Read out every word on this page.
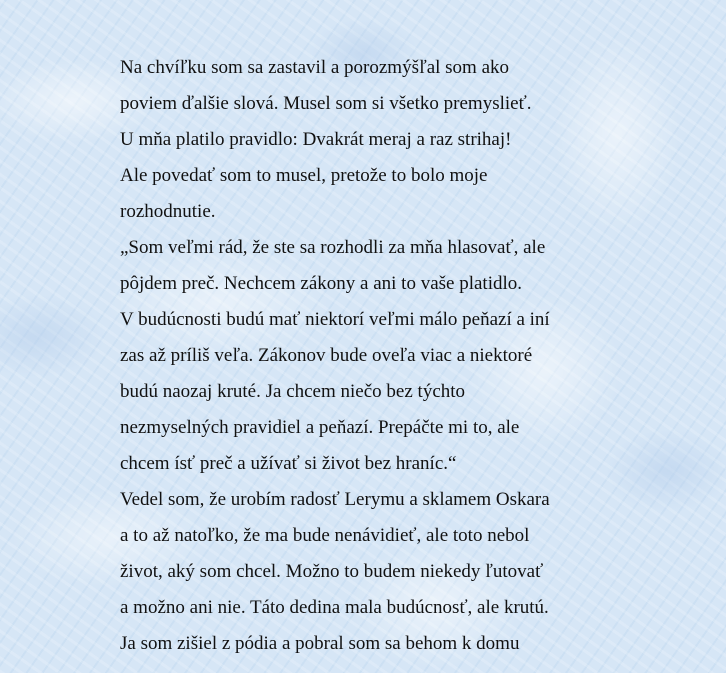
Na chvíľku som sa zastavil a porozmýšľal som ako

poviem ďalšie slová. Musel som si všetko premyslieť.

U mňa platilo pravidlo: Dvakrát meraj a raz strihaj!

Ale povedať som to musel, pretože to bolo moje

rozhodnutie.

„Som veľmi rád, že ste sa rozhodli za mňa hlasovať, ale

pôjdem preč. Nechcem zákony a ani to vaše platidlo.

V budúcnosti budú mať niektorí veľmi málo peňazí a iní

zas až príliš veľa. Zákonov bude oveľa viac a niektoré

budú naozaj kruté. Ja chcem niečo bez týchto

nezmyselných pravidiel a peňazí. Prepáčte mi to, ale

chcem ísť preč a užívať si život bez hraníc.“

Vedel som, že urobím radosť Lerymu a sklamem Oskara

a to až natoľko, že ma bude nenávidieť, ale toto nebol

život, aký som chcel. Možno to budem niekedy ľutovať

a možno ani nie. Táto dedina mala budúcnosť, ale krutú.

Ja som zišiel z pódia a pobral som sa behom k domu
